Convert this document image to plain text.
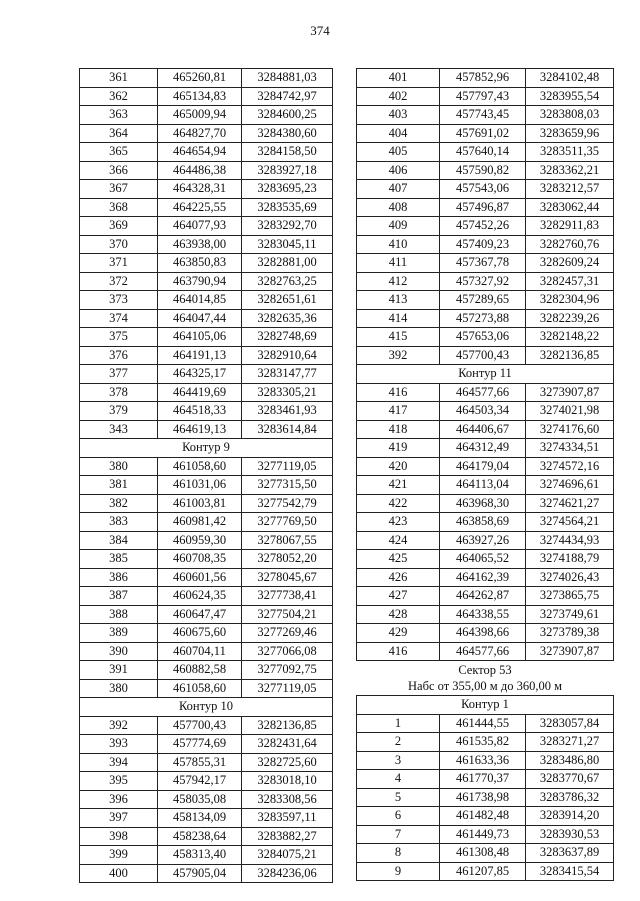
374
361	465260,81	3284881,03
362	465134,83	3284742,97
363	465009,94	3284600,25
364	464827,70	3284380,60
365	464654,94	3284158,50
366	464486,38	3283927,18
367	464328,31	3283695,23
368	464225,55	3283535,69
369	464077,93	3283292,70
370	463938,00	3283045,11
371	463850,83	3282881,00
372	463790,94	3282763,25
373	464014,85	3282651,61
374	464047,44	3282635,36
375	464105,06	3282748,69
376	464191,13	3282910,64
377	464325,17	3283147,77
378	464419,69	3283305,21
379	464518,33	3283461,93
343	464619,13	3283614,84
Контур 9		
380	461058,60	3277119,05
381	461031,06	3277315,50
382	461003,81	3277542,79
383	460981,42	3277769,50
384	460959,30	3278067,55
385	460708,35	3278052,20
386	460601,56	3278045,67
387	460624,35	3277738,41
388	460647,47	3277504,21
389	460675,60	3277269,46
390	460704,11	3277066,08
391	460882,58	3277092,75
380	461058,60	3277119,05
Контур 10		
392	457700,43	3282136,85
393	457774,69	3282431,64
394	457855,31	3282725,60
395	457942,17	3283018,10
396	458035,08	3283308,56
397	458134,09	3283597,11
398	458238,64	3283882,27
399	458313,40	3284075,21
400	457905,04	3284236,06
401	457852,96	3284102,48
402	457797,43	3283955,54
403	457743,45	3283808,03
404	457691,02	3283659,96
405	457640,14	3283511,35
406	457590,82	3283362,21
407	457543,06	3283212,57
408	457496,87	3283062,44
409	457452,26	3282911,83
410	457409,23	3282760,76
411	457367,78	3282609,24
412	457327,92	3282457,31
413	457289,65	3282304,96
414	457273,88	3282239,26
415	457653,06	3282148,22
392	457700,43	3282136,85
Контур 11		
416	464577,66	3273907,87
417	464503,34	3274021,98
418	464406,67	3274176,60
419	464312,49	3274334,51
420	464179,04	3274572,16
421	464113,04	3274696,61
422	463968,30	3274621,27
423	463858,69	3274564,21
424	463927,26	3274434,93
425	464065,52	3274188,79
426	464162,39	3274026,43
427	464262,87	3273865,75
428	464338,55	3273749,61
429	464398,66	3273789,38
416	464577,66	3273907,87

Сектор 53
Набс от 355,00 м до 360,00 м		

Контур 1		
1	461444,55	3283057,84
2	461535,82	3283271,27
3	461633,36	3283486,80
4	461770,37	3283770,67
5	461738,98	3283786,32
6	461482,48	3283914,20
7	461449,73	3283930,53
8	461308,48	3283637,89
9	461207,85	3283415,54
